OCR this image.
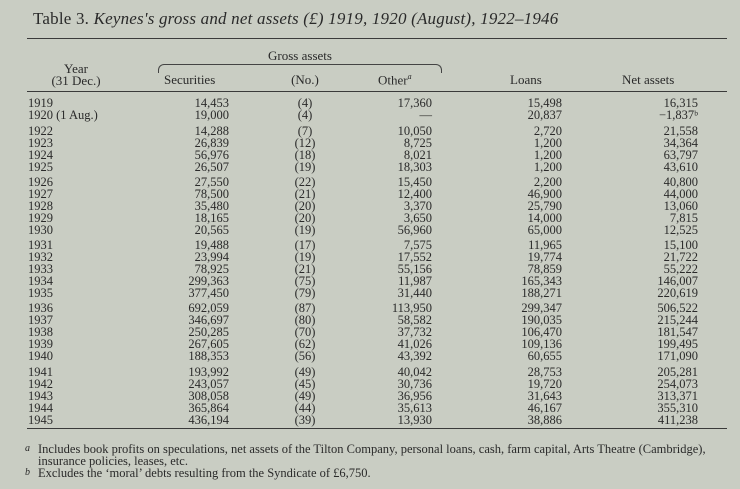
Table 3. Keynes's gross and net assets (£) 1919, 1920 (August), 1922–1946
Year
(31 Dec.)
Gross assets
Securities	(No.)	Other$^a$	Loans	Net assets
1919	14,453	(4)	17,360	15,498	16,315
1920 (1 Aug.)	19,000	(4)	—	20,837	−1,837ᵇ
1922	14,288	(7)	10,050	2,720	21,558
1923	26,839	(12)	8,725	1,200	34,364
1924	56,976	(18)	8,021	1,200	63,797
1925	26,507	(19)	18,303	1,200	43,610
1926	27,550	(22)	15,450	2,200	40,800
1927	78,500	(21)	12,400	46,900	44,000
1928	35,480	(20)	3,370	25,790	13,060
1929	18,165	(20)	3,650	14,000	7,815
1930	20,565	(19)	56,960	65,000	12,525
1931	19,488	(17)	7,575	11,965	15,100
1932	23,994	(19)	17,552	19,774	21,722
1933	78,925	(21)	55,156	78,859	55,222
1934	299,363	(75)	11,987	165,343	146,007
1935	377,450	(79)	31,440	188,271	220,619
1936	692,059	(87)	113,950	299,347	506,522
1937	346,697	(80)	58,582	190,035	215,244
1938	250,285	(70)	37,732	106,470	181,547
1939	267,605	(62)	41,026	109,136	199,495
1940	188,353	(56)	43,392	60,655	171,090
1941	193,992	(49)	40,042	28,753	205,281
1942	243,057	(45)	30,736	19,720	254,073
1943	308,058	(49)	36,956	31,643	313,371
1944	365,864	(44)	35,613	46,167	355,310
1945	436,194	(39)	13,930	38,886	411,238
a Includes book profits on speculations, net assets of the Tilton Company, personal loans, cash, farm capital, Arts Theatre (Cambridge), insurance policies, leases, etc.
b Excludes the ‘moral’ debts resulting from the Syndicate of £6,750.
